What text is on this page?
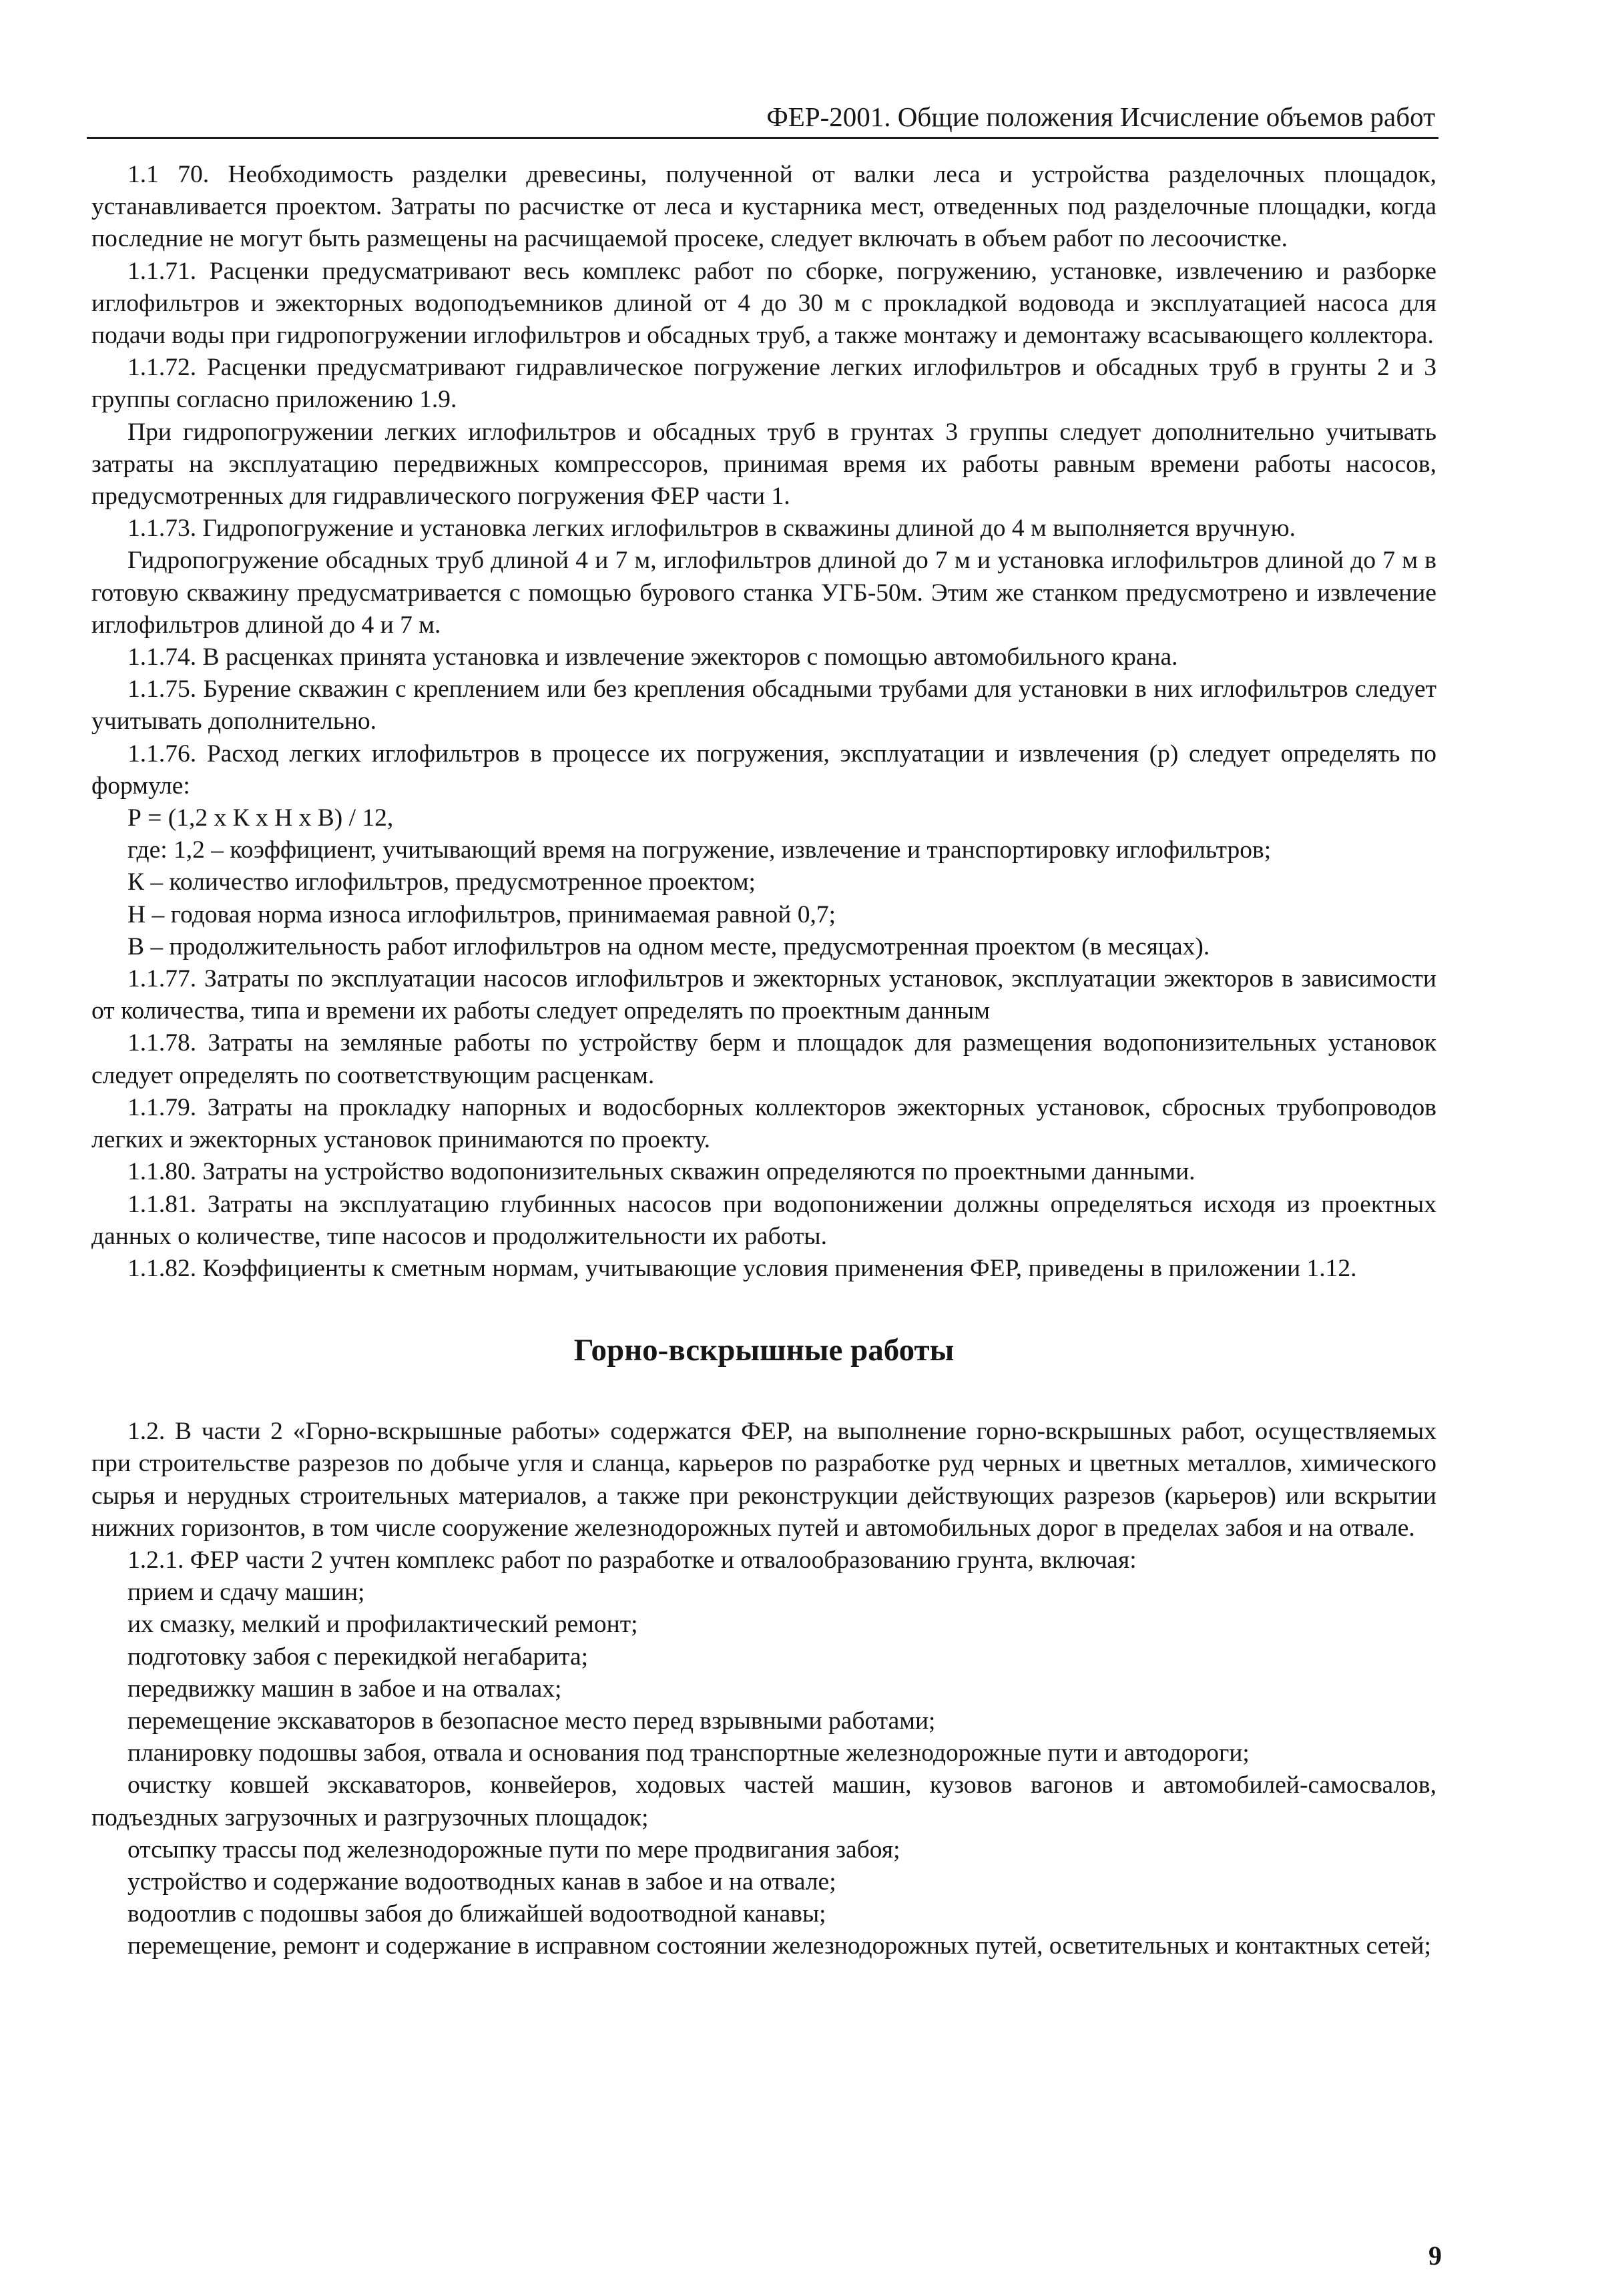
ФЕР-2001. Общие положения Исчисление объемов работ

1.1 70. Необходимость разделки древесины, полученной от валки леса и устройства разделочных площадок, устанавливается проектом. Затраты по расчистке от леса и кустарника мест, отведенных под разделочные площадки, когда последние не могут быть размещены на расчищаемой просеке, следует включать в объем работ по лесоочистке.

1.1.71. Расценки предусматривают весь комплекс работ по сборке, погружению, установке, извлечению и разборке иглофильтров и эжекторных водоподъемников длиной от 4 до 30 м с прокладкой водовода и эксплуатацией насоса для подачи воды при гидропогружении иглофильтров и обсадных труб, а также монтажу и демонтажу всасывающего коллектора.

1.1.72. Расценки предусматривают гидравлическое погружение легких иглофильтров и обсадных труб в грунты 2 и 3 группы согласно приложению 1.9.

При гидропогружении легких иглофильтров и обсадных труб в грунтах 3 группы следует дополнительно учитывать затраты на эксплуатацию передвижных компрессоров, принимая время их работы равным времени работы насосов, предусмотренных для гидравлического погружения ФЕР части 1.

1.1.73. Гидропогружение и установка легких иглофильтров в скважины длиной до 4 м выполняется вручную.

Гидропогружение обсадных труб длиной 4 и 7 м, иглофильтров длиной до 7 м и установка иглофильтров длиной до 7 м в готовую скважину предусматривается с помощью бурового станка УГБ-50м. Этим же станком предусмотрено и извлечение иглофильтров длиной до 4 и 7 м.

1.1.74. В расценках принята установка и извлечение эжекторов с помощью автомобильного крана.

1.1.75. Бурение скважин с креплением или без крепления обсадными трубами для установки в них иглофильтров следует учитывать дополнительно.

1.1.76. Расход легких иглофильтров в процессе их погружения, эксплуатации и извлечения (р) следует определять по формуле:

Р = (1,2 х К х Н х В) / 12,

где: 1,2 – коэффициент, учитывающий время на погружение, извлечение и транспортировку иглофильтров;

К – количество иглофильтров, предусмотренное проектом;

Н – годовая норма износа иглофильтров, принимаемая равной 0,7;

В – продолжительность работ иглофильтров на одном месте, предусмотренная проектом (в месяцах).

1.1.77. Затраты по эксплуатации насосов иглофильтров и эжекторных установок, эксплуатации эжекторов в зависимости от количества, типа и времени их работы следует определять по проектным данным

1.1.78. Затраты на земляные работы по устройству берм и площадок для размещения водопонизительных установок следует определять по соответствующим расценкам.

1.1.79. Затраты на прокладку напорных и водосборных коллекторов эжекторных установок, сбросных трубопроводов легких и эжекторных установок принимаются по проекту.

1.1.80. Затраты на устройство водопонизительных скважин определяются по проектными данными.

1.1.81. Затраты на эксплуатацию глубинных насосов при водопонижении должны определяться исходя из проектных данных о количестве, типе насосов и продолжительности их работы.

1.1.82. Коэффициенты к сметным нормам, учитывающие условия применения ФЕР, приведены в приложении 1.12.

Горно-вскрышные работы

1.2. В части 2 «Горно-вскрышные работы» содержатся ФЕР, на выполнение горно-вскрышных работ, осуществляемых при строительстве разрезов по добыче угля и сланца, карьеров по разработке руд черных и цветных металлов, химического сырья и нерудных строительных материалов, а также при реконструкции действующих разрезов (карьеров) или вскрытии нижних горизонтов, в том числе сооружение железнодорожных путей и автомобильных дорог в пределах забоя и на отвале.

1.2.1. ФЕР части 2 учтен комплекс работ по разработке и отвалообразованию грунта, включая:

прием и сдачу машин;

их смазку, мелкий и профилактический ремонт;

подготовку забоя с перекидкой негабарита;

передвижку машин в забое и на отвалах;

перемещение экскаваторов в безопасное место перед взрывными работами;

планировку подошвы забоя, отвала и основания под транспортные железнодорожные пути и автодороги;

очистку ковшей экскаваторов, конвейеров, ходовых частей машин, кузовов вагонов и автомобилей-самосвалов, подъездных загрузочных и разгрузочных площадок;

отсыпку трассы под железнодорожные пути по мере продвигания забоя;

устройство и содержание водоотводных канав в забое и на отвале;

водоотлив с подошвы забоя до ближайшей водоотводной канавы;

перемещение, ремонт и содержание в исправном состоянии железнодорожных путей, осветительных и контактных сетей;

9
